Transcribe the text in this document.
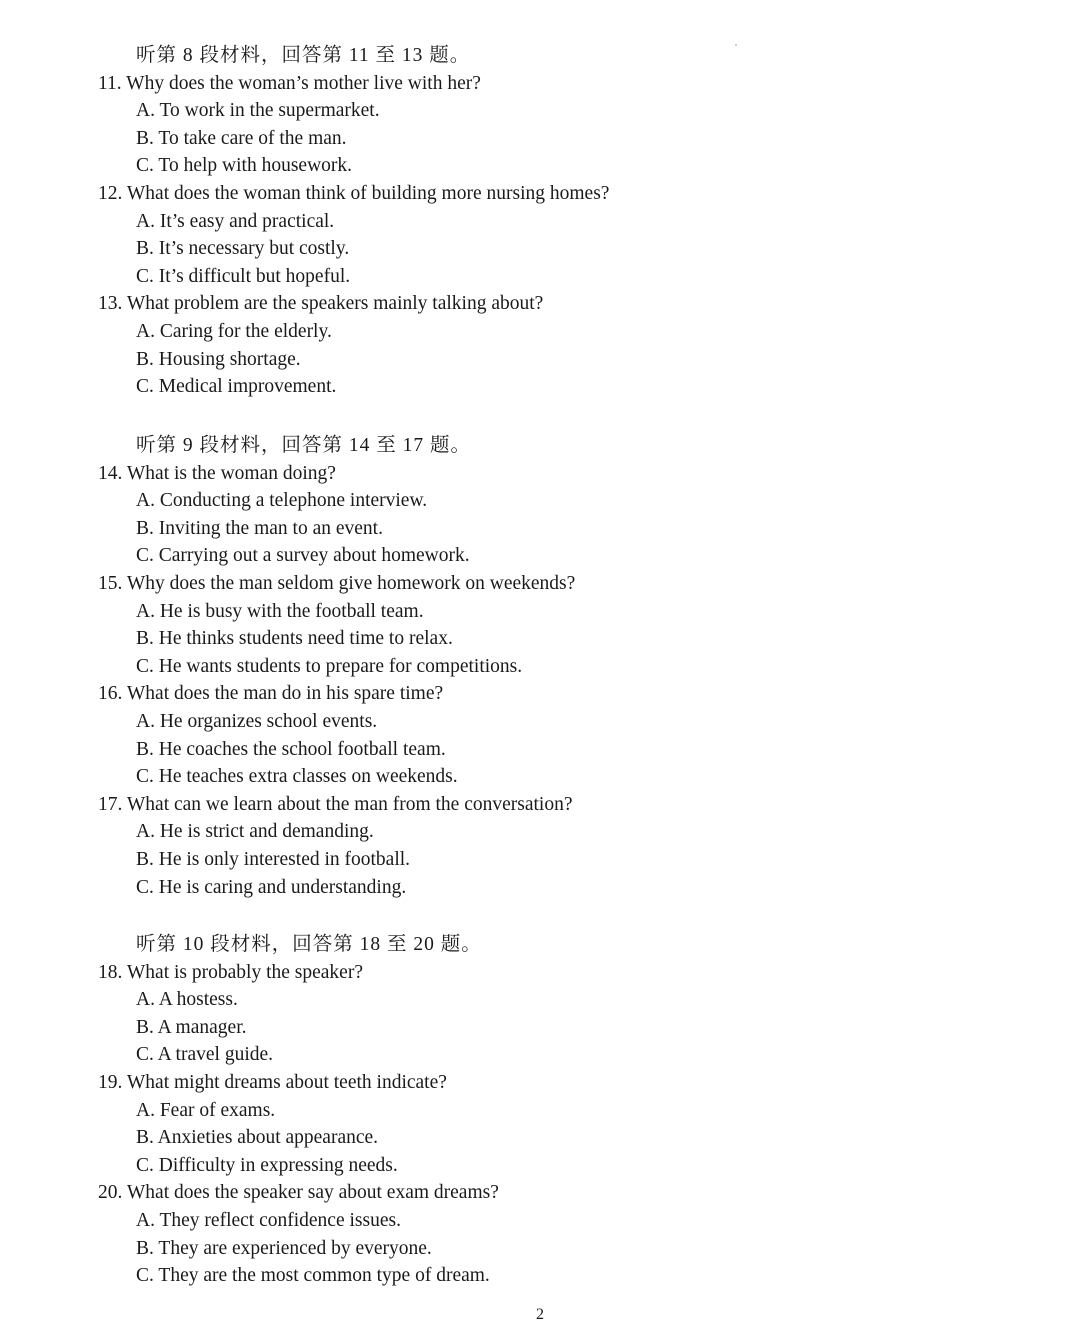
听第 8 段材料，回答第 11 至 13 题。
11. Why does the woman’s mother live with her?
A. To work in the supermarket.
B. To take care of the man.
C. To help with housework.
12. What does the woman think of building more nursing homes?
A. It’s easy and practical.
B. It’s necessary but costly.
C. It’s difficult but hopeful.
13. What problem are the speakers mainly talking about?
A. Caring for the elderly.
B. Housing shortage.
C. Medical improvement.
听第 9 段材料，回答第 14 至 17 题。
14. What is the woman doing?
A. Conducting a telephone interview.
B. Inviting the man to an event.
C. Carrying out a survey about homework.
15. Why does the man seldom give homework on weekends?
A. He is busy with the football team.
B. He thinks students need time to relax.
C. He wants students to prepare for competitions.
16. What does the man do in his spare time?
A. He organizes school events.
B. He coaches the school football team.
C. He teaches extra classes on weekends.
17. What can we learn about the man from the conversation?
A. He is strict and demanding.
B. He is only interested in football.
C. He is caring and understanding.
听第 10 段材料，回答第 18 至 20 题。
18. What is probably the speaker?
A. A hostess.
B. A manager.
C. A travel guide.
19. What might dreams about teeth indicate?
A. Fear of exams.
B. Anxieties about appearance.
C. Difficulty in expressing needs.
20. What does the speaker say about exam dreams?
A. They reflect confidence issues.
B. They are experienced by everyone.
C. They are the most common type of dream.
2
